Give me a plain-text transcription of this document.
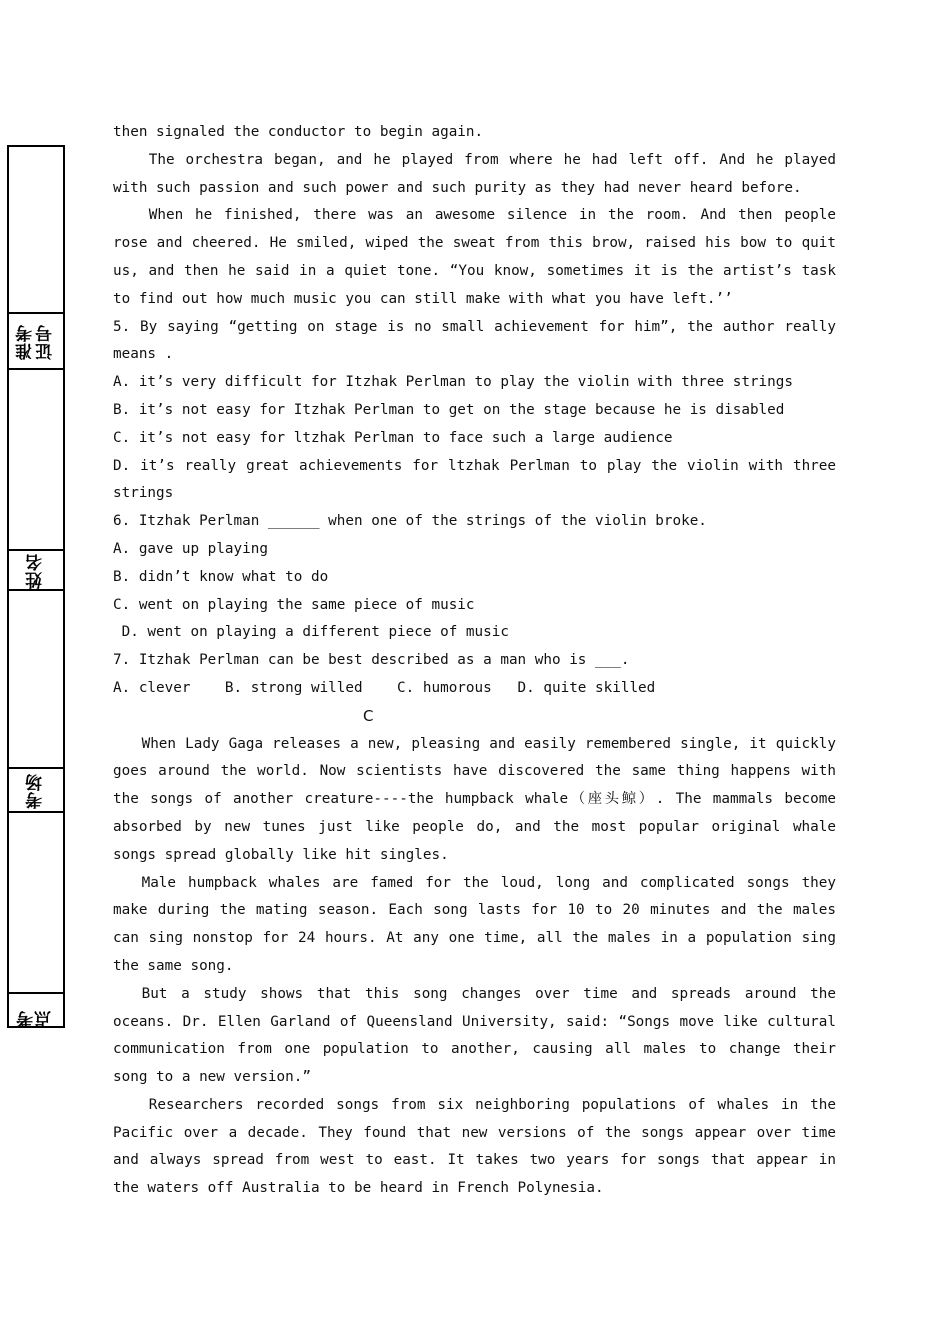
准考 证号
姓名
考场
考点

then signaled the conductor to begin again.

The orchestra began, and he played from where he had left off. And he played with such passion and such power and such purity as they had never heard before.

When he finished, there was an awesome silence in the room. And then people rose and cheered. He smiled, wiped the sweat from this brow, raised his bow to quit us, and then he said in a quiet tone. “You know, sometimes it is the artist’s task to find out how much music you can still make with what you have left.’’

5. By saying “getting on stage is no small achievement for him”, the author really means .

A. it’s very difficult for Itzhak Perlman to play the violin with three strings

B. it’s not easy for Itzhak Perlman to get on the stage because he is disabled

C. it’s not easy for ltzhak Perlman to face such a large audience

D. it’s really great achievements for ltzhak Perlman to play the violin with three strings

6. Itzhak Perlman ______ when one of the strings of the violin broke.

A. gave up playing

B. didn’t know what to do

C. went on playing the same piece of music

D. went on playing a different piece of music

7. Itzhak Perlman can be best described as a man who is ___.

A. clever    B. strong willed    C. humorous   D. quite skilled

C

When Lady Gaga releases a new, pleasing and easily remembered single, it quickly goes around the world. Now scientists have discovered the same thing happens with the songs of another creature----the humpback whale（座头鲸）. The mammals become absorbed by new tunes just like people do, and the most popular original whale songs spread globally like hit singles.

Male humpback whales are famed for the loud, long and complicated songs they make during the mating season. Each song lasts for 10 to 20 minutes and the males can sing nonstop for 24 hours. At any one time, all the males in a population sing the same song.

But a study shows that this song changes over time and spreads around the oceans. Dr. Ellen Garland of Queensland University, said: “Songs move like cultural communication from one population to another, causing all males to change their song to a new version.”

Researchers recorded songs from six neighboring populations of whales in the Pacific over a decade. They found that new versions of the songs appear over time and always spread from west to east. It takes two years for songs that appear in the waters off Australia to be heard in French Polynesia.
